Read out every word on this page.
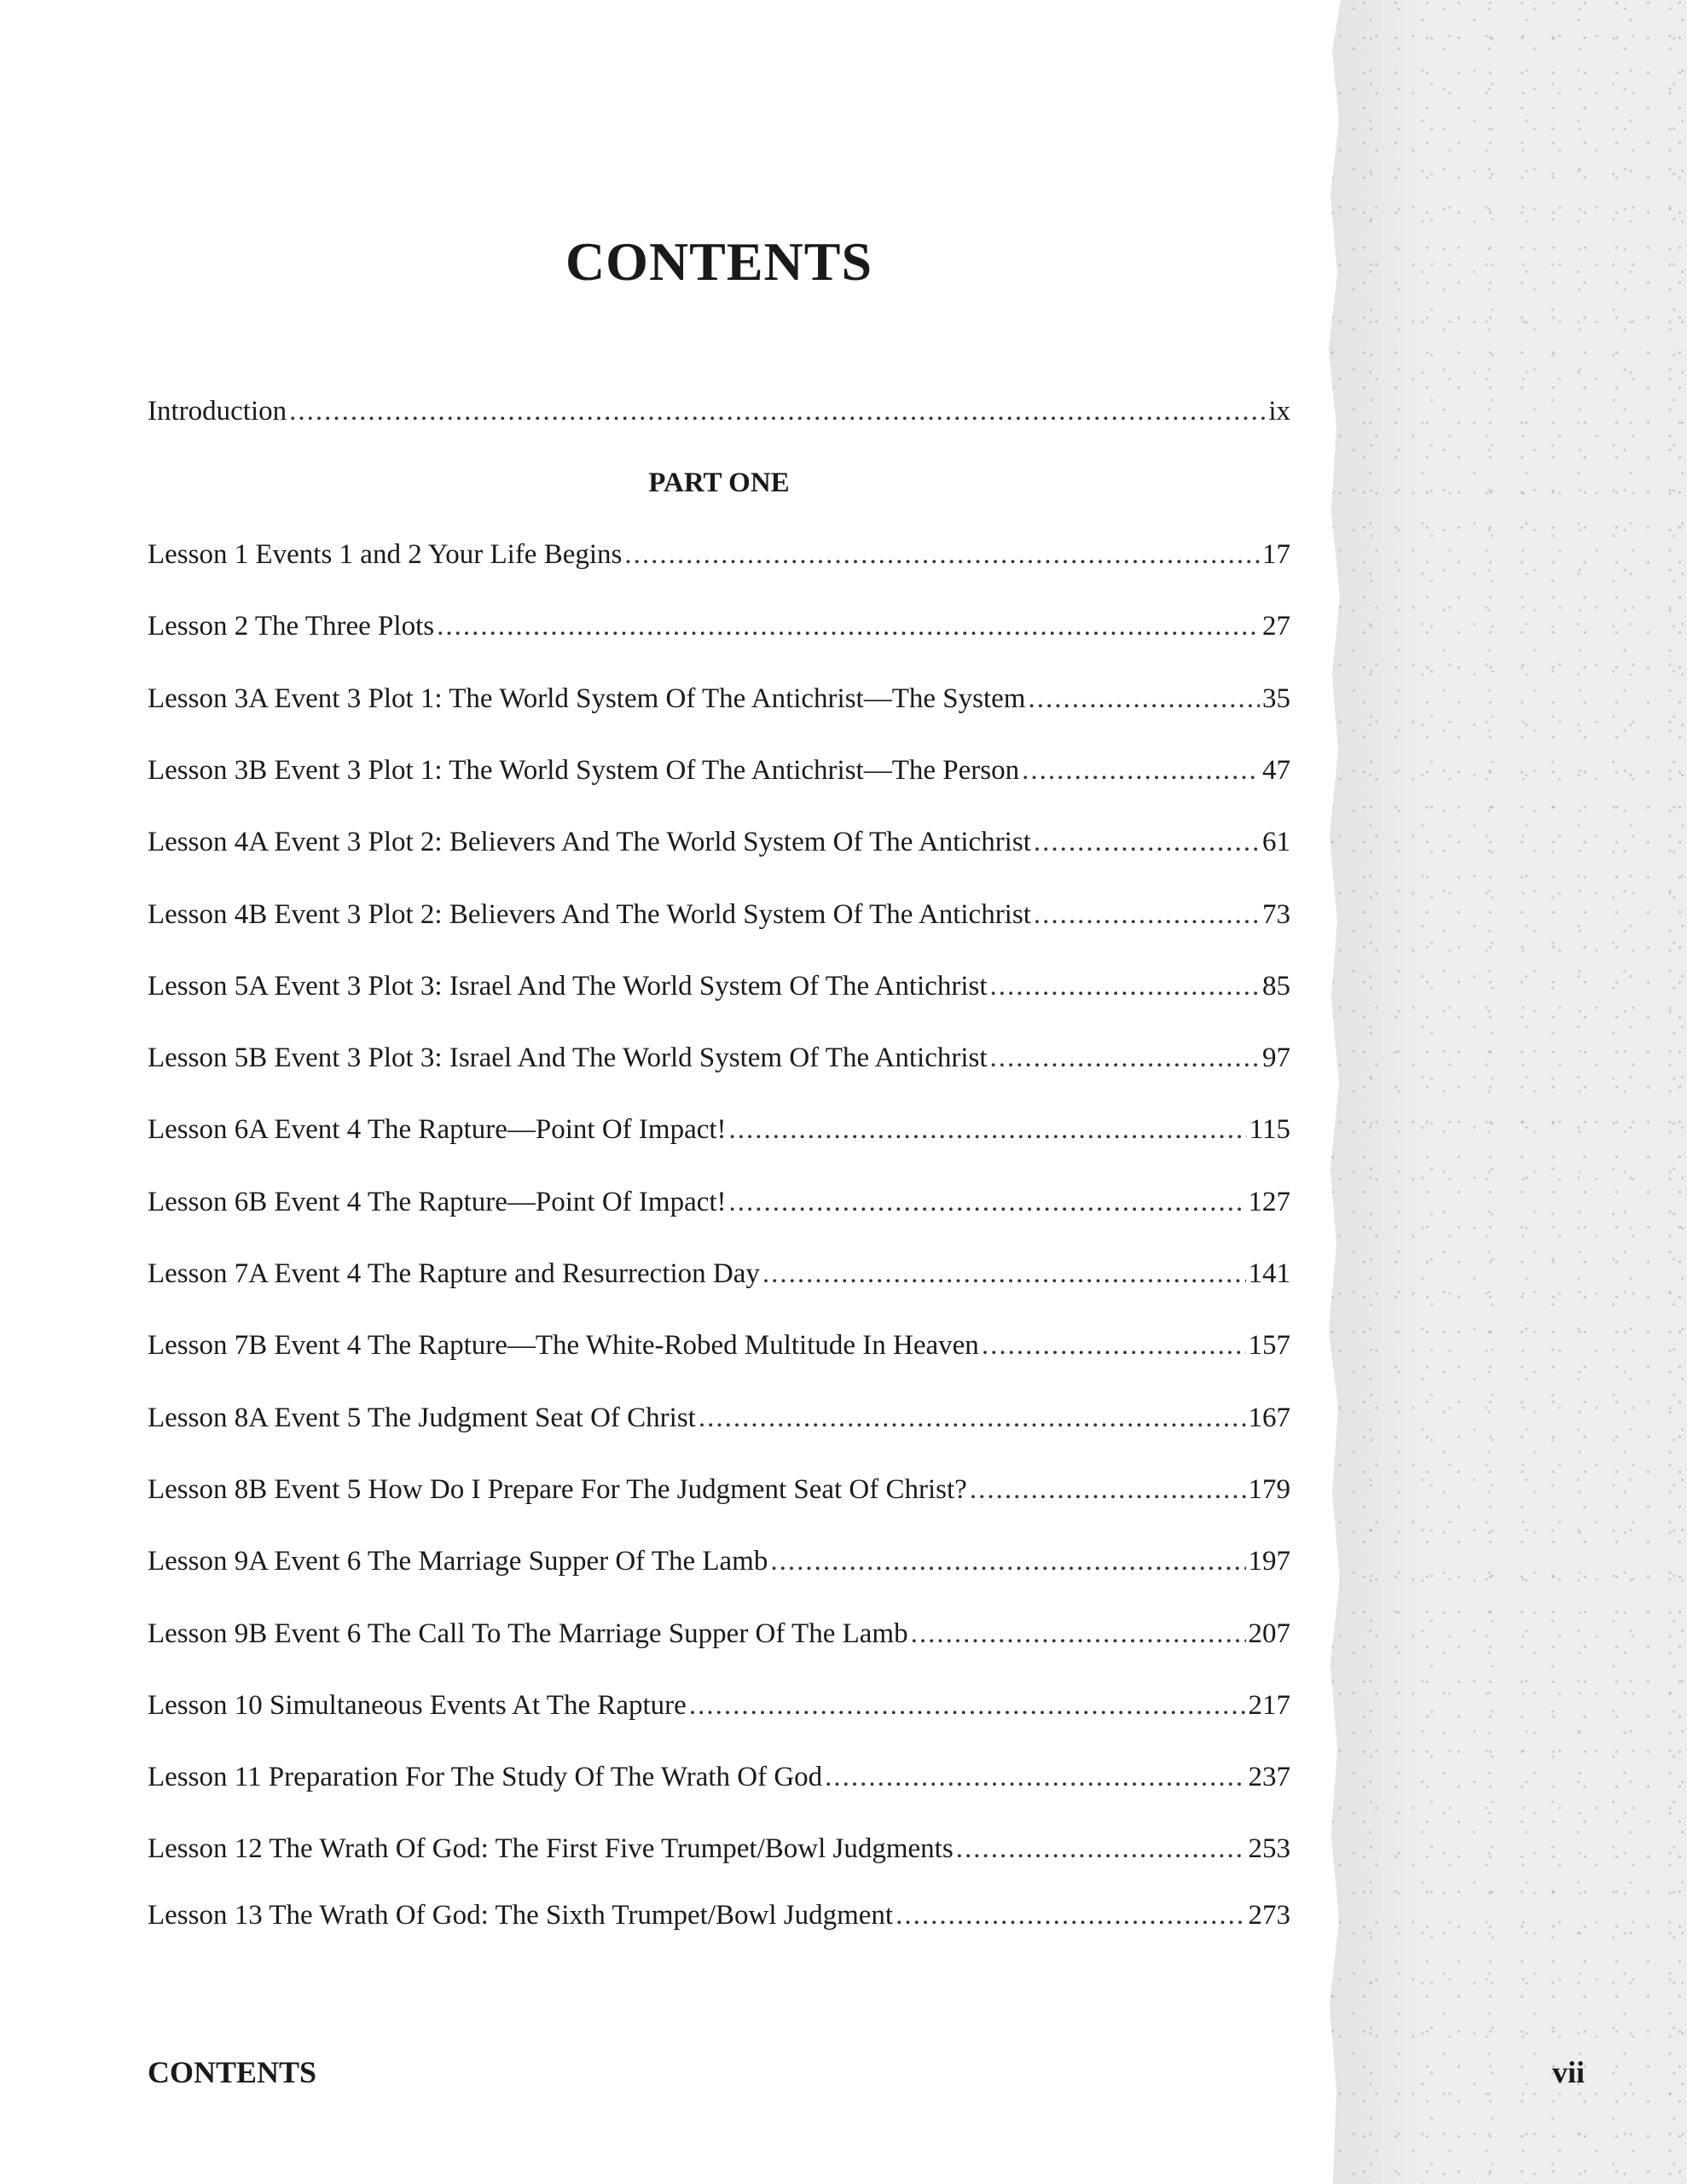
CONTENTS
Introduction .....	ix
PART ONE
Lesson 1 Events 1 and 2 Your Life Begins .....	17
Lesson 2 The Three Plots .....	27
Lesson 3A Event 3 Plot 1: The World System Of The Antichrist—The System .....	35
Lesson 3B Event 3 Plot 1: The World System Of The Antichrist—The Person .....	47
Lesson 4A Event 3 Plot 2: Believers And The World System Of The Antichrist .....	61
Lesson 4B Event 3 Plot 2: Believers And The World System Of The Antichrist .....	73
Lesson 5A Event 3 Plot 3: Israel And The World System Of The Antichrist .....	85
Lesson 5B Event 3 Plot 3: Israel And The World System Of The Antichrist .....	97
Lesson 6A Event 4 The Rapture—Point Of Impact! .....	115
Lesson 6B Event 4 The Rapture—Point Of Impact! .....	127
Lesson 7A Event 4 The Rapture and Resurrection Day .....	141
Lesson 7B Event 4 The Rapture—The White-Robed Multitude In Heaven .....	157
Lesson 8A Event 5 The Judgment Seat Of Christ .....	167
Lesson 8B Event 5 How Do I Prepare For The Judgment Seat Of Christ? .....	179
Lesson 9A Event 6 The Marriage Supper Of The Lamb .....	197
Lesson 9B Event 6 The Call To The Marriage Supper Of The Lamb .....	207
Lesson 10 Simultaneous Events At The Rapture .....	217
Lesson 11 Preparation For The Study Of The Wrath Of God .....	237
Lesson 12 The Wrath Of God: The First Five Trumpet/Bowl Judgments .....	253
Lesson 13 The Wrath Of God: The Sixth Trumpet/Bowl Judgment .....	273
CONTENTS	vii
